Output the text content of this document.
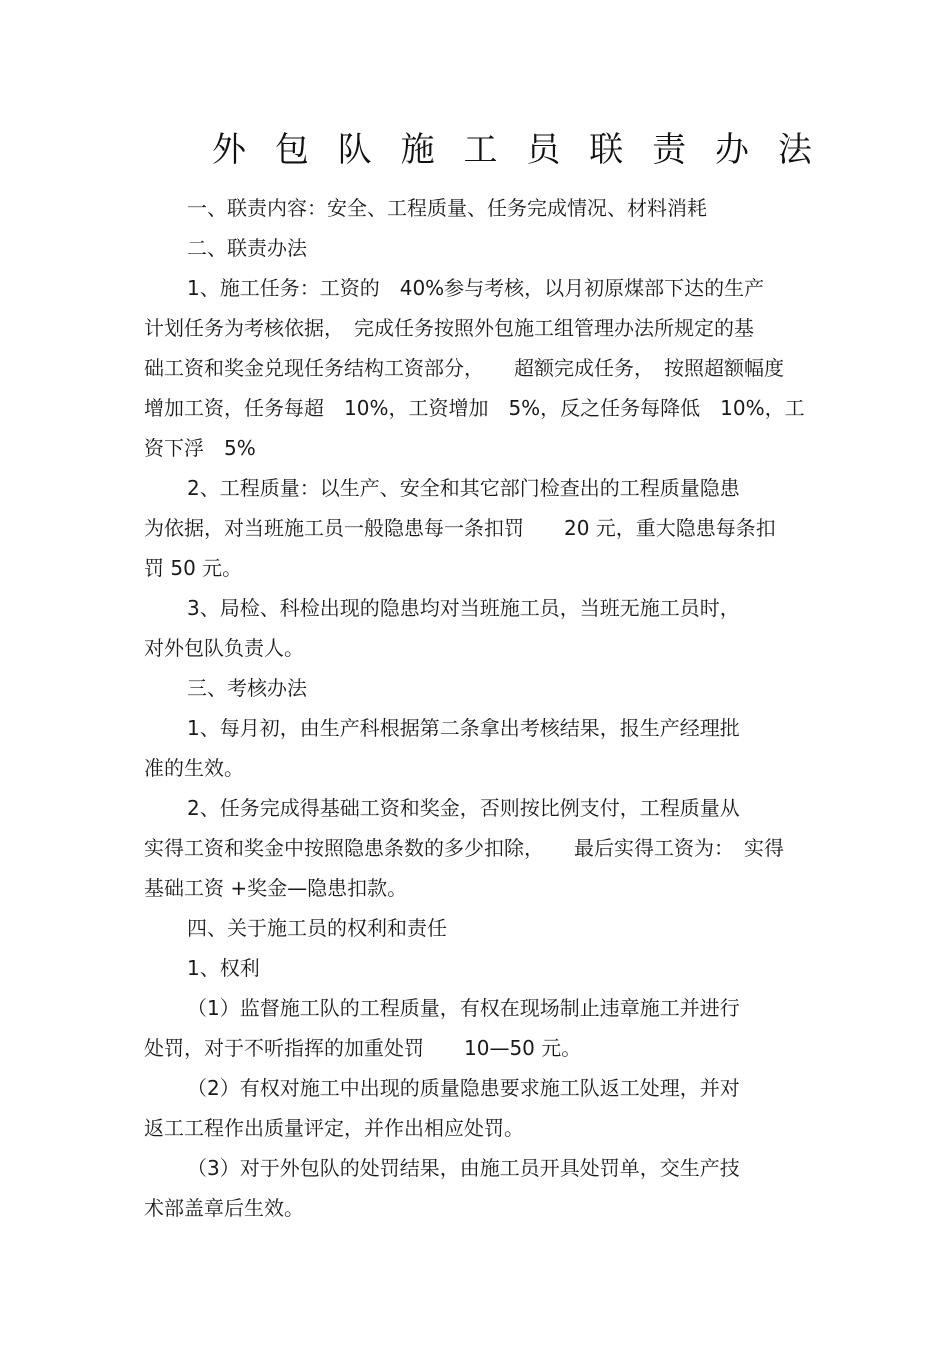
外 包 队 施 工 员 联 责 办 法
一、联责内容：安全、工程质量、任务完成情况、材料消耗
二、联责办法
1、施工任务：工资的　40%参与考核，以月初原煤部下达的生产
计划任务为考核依据，　完成任务按照外包施工组管理办法所规定的基
础工资和奖金兑现任务结构工资部分，　　超额完成任务，　按照超额幅度
增加工资，任务每超　10%，工资增加　5%，反之任务每降低　10%，工
资下浮　5%
2、工程质量：以生产、安全和其它部门检查出的工程质量隐患
为依据，对当班施工员一般隐患每一条扣罚　　20 元，重大隐患每条扣
罚 50 元。
3、局检、科检出现的隐患均对当班施工员，当班无施工员时，
对外包队负责人。
三、考核办法
1、每月初，由生产科根据第二条拿出考核结果，报生产经理批
准的生效。
2、任务完成得基础工资和奖金，否则按比例支付，工程质量从
实得工资和奖金中按照隐患条数的多少扣除，　　最后实得工资为：　实得
基础工资 +奖金—隐患扣款。
四、关于施工员的权利和责任
1、权利
（1）监督施工队的工程质量，有权在现场制止违章施工并进行
处罚，对于不听指挥的加重处罚　　10—50 元。
（2）有权对施工中出现的质量隐患要求施工队返工处理，并对
返工工程作出质量评定，并作出相应处罚。
（3）对于外包队的处罚结果，由施工员开具处罚单，交生产技
术部盖章后生效。
